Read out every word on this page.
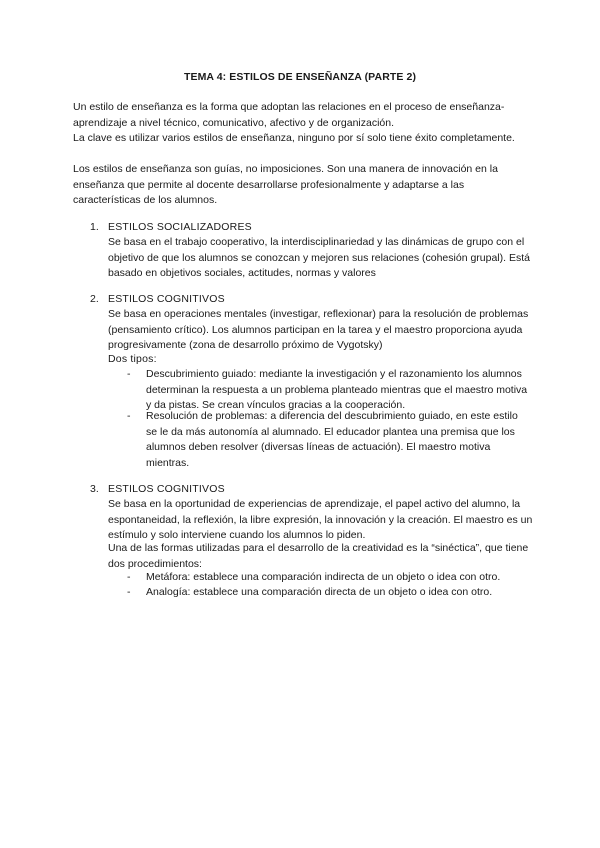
TEMA 4: ESTILOS DE ENSEÑANZA (PARTE 2)

Un estilo de enseñanza es la forma que adoptan las relaciones en el proceso de enseñanza-aprendizaje a nivel técnico, comunicativo, afectivo y de organización.

La clave es utilizar varios estilos de enseñanza, ninguno por sí solo tiene éxito completamente.

Los estilos de enseñanza son guías, no imposiciones. Son una manera de innovación en la enseñanza que permite al docente desarrollarse profesionalmente y adaptarse a las características de los alumnos.

1. ESTILOS SOCIALIZADORES

Se basa en el trabajo cooperativo, la interdisciplinariedad y las dinámicas de grupo con el objetivo de que los alumnos se conozcan y mejoren sus relaciones (cohesión grupal). Está basado en objetivos sociales, actitudes, normas y valores

2. ESTILOS COGNITIVOS

Se basa en operaciones mentales (investigar, reflexionar) para la resolución de problemas (pensamiento crítico). Los alumnos participan en la tarea y el maestro proporciona ayuda progresivamente (zona de desarrollo próximo de Vygotsky)

Dos tipos:
- Descubrimiento guiado: mediante la investigación y el razonamiento los alumnos determinan la respuesta a un problema planteado mientras que el maestro motiva y da pistas. Se crean vínculos gracias a la cooperación.

- Resolución de problemas: a diferencia del descubrimiento guiado, en este estilo se le da más autonomía al alumnado. El educador plantea una premisa que los alumnos deben resolver (diversas líneas de actuación). El maestro motiva mientras.

3. ESTILOS COGNITIVOS

Se basa en la oportunidad de experiencias de aprendizaje, el papel activo del alumno, la espontaneidad, la reflexión, la libre expresión, la innovación y la creación. El maestro es un estímulo y solo interviene cuando los alumnos lo piden.

Una de las formas utilizadas para el desarrollo de la creatividad es la “sinéctica”, que tiene dos procedimientos:

- Metáfora: establece una comparación indirecta de un objeto o idea con otro.

- Analogía: establece una comparación directa de un objeto o idea con otro.
